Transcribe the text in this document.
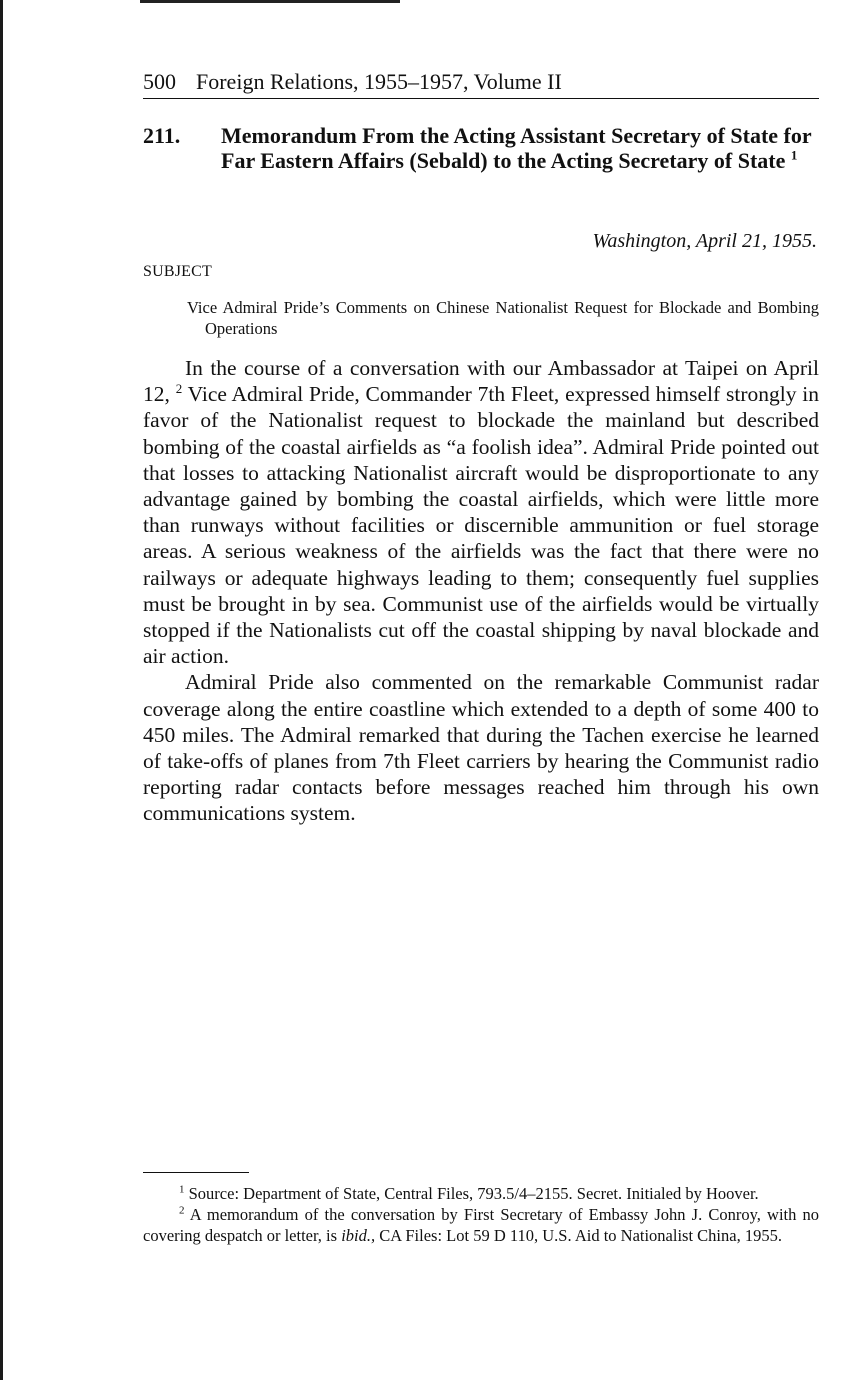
500 Foreign Relations, 1955–1957, Volume II
211. Memorandum From the Acting Assistant Secretary of State for Far Eastern Affairs (Sebald) to the Acting Secretary of State $^1$
Washington, April 21, 1955.
SUBJECT
Vice Admiral Pride’s Comments on Chinese Nationalist Request for Blockade and Bombing Operations

In the course of a conversation with our Ambassador at Taipei on April 12, $^2$ Vice Admiral Pride, Commander 7th Fleet, expressed himself strongly in favor of the Nationalist request to blockade the mainland but described bombing of the coastal airfields as “a foolish idea”. Admiral Pride pointed out that losses to attacking Nationalist aircraft would be disproportionate to any advantage gained by bombing the coastal airfields, which were little more than runways without facilities or discernible ammunition or fuel storage areas. A serious weakness of the airfields was the fact that there were no railways or adequate highways leading to them; consequently fuel supplies must be brought in by sea. Communist use of the airfields would be virtually stopped if the Nationalists cut off the coastal shipping by naval blockade and air action.

Admiral Pride also commented on the remarkable Communist radar coverage along the entire coastline which extended to a depth of some 400 to 450 miles. The Admiral remarked that during the Tachen exercise he learned of take-offs of planes from 7th Fleet carriers by hearing the Communist radio reporting radar contacts before messages reached him through his own communications system.

$^1$ Source: Department of State, Central Files, 793.5/4–2155. Secret. Initialed by Hoover.

$^2$ A memorandum of the conversation by First Secretary of Embassy John J. Conroy, with no covering despatch or letter, is ibid., CA Files: Lot 59 D 110, U.S. Aid to Nationalist China, 1955.
